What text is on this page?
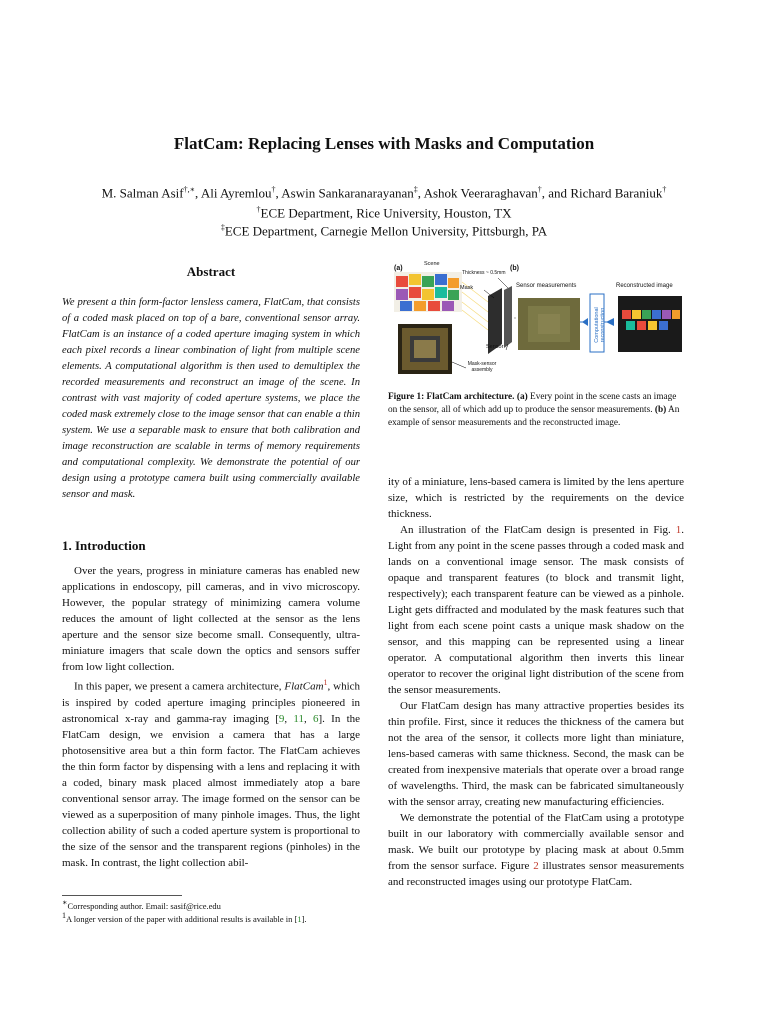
FlatCam: Replacing Lenses with Masks and Computation
M. Salman Asif†,∗, Ali Ayremlou†, Aswin Sankaranarayanan‡, Ashok Veeraraghavan†, and Richard Baraniuk†
†ECE Department, Rice University, Houston, TX
‡ECE Department, Carnegie Mellon University, Pittsburgh, PA
Abstract
We present a thin form-factor lensless camera, FlatCam, that consists of a coded mask placed on top of a bare, conventional sensor array. FlatCam is an instance of a coded aperture imaging system in which each pixel records a linear combination of light from multiple scene elements. A computational algorithm is then used to demultiplex the recorded measurements and reconstruct an image of the scene. In contrast with vast majority of coded aperture systems, we place the coded mask extremely close to the image sensor that can enable a thin system. We use a separable mask to ensure that both calibration and image reconstruction are scalable in terms of memory requirements and computational complexity. We demonstrate the potential of our design using a prototype camera built using commercially available sensor and mask.
1. Introduction

Over the years, progress in miniature cameras has enabled new applications in endoscopy, pill cameras, and in vivo microscopy. However, the popular strategy of minimizing camera volume reduces the amount of light collected at the sensor as the lens aperture and the sensor size become small. Consequently, ultra-miniature imagers that scale down the optics and sensors suffer from low light collection.

In this paper, we present a camera architecture, FlatCam$^1$, which is inspired by coded aperture imaging principles pioneered in astronomical x-ray and gamma-ray imaging [9, 11, 6]. In the FlatCam design, we envision a camera that has a large photosensitive area but a thin form factor. The FlatCam achieves the thin form factor by dispensing with a lens and replacing it with a coded, binary mask placed almost immediately atop a bare conventional sensor array. The image formed on the sensor can be viewed as a superposition of many pinhole images. Thus, the light collection ability of such a coded aperture system is proportional to the size of the sensor and the transparent regions (pinholes) in the mask. In contrast, the light collection abil-

∗Corresponding author. Email: sasif@rice.edu
$^1$A longer version of the paper with additional results is available in [1].
(a)
Scene
Thickness ~ 0.5mm
(b)
Mask
Sensor
Mask-sensor
assembly
Sensor measurements	Reconstructed image
Computational
reconstruction
Figure 1: FlatCam architecture. (a) Every point in the scene casts an image on the sensor, all of which add up to produce the sensor measurements. (b) An example of sensor measurements and the reconstructed image.

ity of a miniature, lens-based camera is limited by the lens aperture size, which is restricted by the requirements on the device thickness.

An illustration of the FlatCam design is presented in Fig. 1. Light from any point in the scene passes through a coded mask and lands on a conventional image sensor. The mask consists of opaque and transparent features (to block and transmit light, respectively); each transparent feature can be viewed as a pinhole. Light gets diffracted and modulated by the mask features such that light from each scene point casts a unique mask shadow on the sensor, and this mapping can be represented using a linear operator. A computational algorithm then inverts this linear operator to recover the original light distribution of the scene from the sensor measurements.

Our FlatCam design has many attractive properties besides its thin profile. First, since it reduces the thickness of the camera but not the area of the sensor, it collects more light than miniature, lens-based cameras with same thickness. Second, the mask can be created from inexpensive materials that operate over a broad range of wavelengths. Third, the mask can be fabricated simultaneously with the sensor array, creating new manufacturing efficiencies.

We demonstrate the potential of the FlatCam using a prototype built in our laboratory with commercially available sensor and mask. We built our prototype by placing mask at about 0.5mm from the sensor surface. Figure 2 illustrates sensor measurements and reconstructed images using our prototype FlatCam.
